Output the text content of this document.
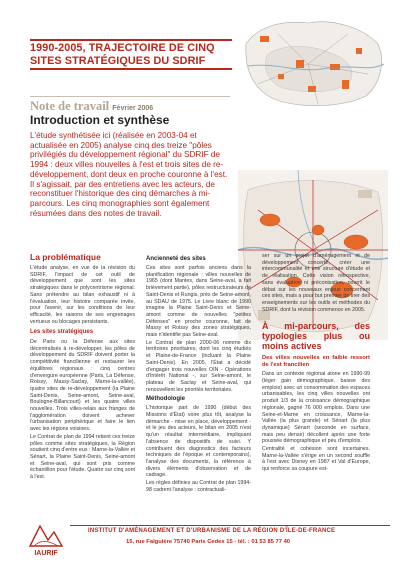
1990-2005, TRAJECTOIRE DE CINQ
SITES STRATÉGIQUES DU SDRIF
Note de travail Février 2006
Introduction et synthèse

L'étude synthétisée ici (réalisée en 2003-04 et actualisée en 2005) analyse cinq des treize "pôles privilégiés du développement régional" du SDRIF de 1994 : deux villes nouvelles à l'est et trois sites de re-développement, dont deux en proche couronne à l'est.

Il s'agissait, par des entretiens avec les acteurs, de reconstituer l'historique des cinq démarches à mi-parcours. Les cinq monographies sont également résumées dans des notes de travail.

La problématique

L'étude analyse, en vue de la révision du SDRIF, l'impact de cet outil de développement que sont les sites stratégiques dans le polycentrisme régional. Sans prétendre au bilan exhaustif ni à l'évaluation, leur histoire comparée invite, pour l'avenir, sur les conditions de leur efficacité, les raisons de ses engrenages vertueux ou blocages persistants.

Les sites stratégiques

De Paris ou la Défense aux sites décentralisés à re-développer, les pôles de développement du SDRIF doivent porter la compétitivité francilienne et restaurer les équilibres régionaux : cinq centres d'envergure européenne (Paris, La Défense, Roissy, Massy-Saclay, Marne-la-vallée), quatre sites de re-développement (la Plaine Saint-Denis, Seine-amont, Seine-aval, Boulogne-Billancourt) et les quatre villes nouvelles. Trois villes-relais aux franges de l'agglomération doivent achever l'urbanisation périphérique et faire le lien avec les régions voisines.

Le Contrat de plan de 1994 retient ces treize pôles comme sites stratégiques, la Région soutient cinq d'entre eux : Marne-la-Vallée et Sénart, la Plaine Saint-Denis, Seine-amont et Seine-aval, qui sont pris comme échantillon pour l'étude. Quatre sur cinq sont à l'est.

Ancienneté des sites

Ces sites sont parfois anciens dans la planification régionale : villes nouvelles de 1965 (dont Mantes, dans Seine-aval, a fait brièvement partie), pôles restructurateurs de Saint-Denis et Rungis, près de Seine-amont, au SDAU de 1975. Le Livre blanc de 1990 imagine la Plaine Saint-Denis et Seine-amont comme de nouvelles "petites Défenses" en proche couronne, fait de Massy et Roissy des zones stratégiques, mais n'identifie pas Seine-aval.

Le Contrat de plan 2000-06 nomme dix territoires prioritaires, dont les cinq étudiés et Plaine-de-France (incluant la Plaine Saint-Denis). En 2005, l'État a décidé d'engager trois nouvelles OIN - Opérations d'Intérêt National -, sur Seine-amont, le plateau de Saclay et Seine-aval, qui renouvellent les priorités territoriales.

Méthodologie

L'historique part de 1990 (début des Missions d'État) voire plus tôt, analyse la démarche - mise en place, développement - et le jeu des acteurs, le bilan en 2005 n'est qu'un résultat intermédiaire, impliquant l'absence de dispositifs de suivi. Y contribuent des diagnostics des facteurs techniques de l'époque et contemporains), l'analyse des documents, la référence à divers éléments d'observation et de cadrage.

Les règles définies au Contrat de plan 1994-98 cadrent l'analyse : contractuali-

ser sur un projet d'aménagement et de développement concerté, créer une intercommunalité et une structure d'étude et de réalisation. Cette vision rétrospective, sans évaluation ni préconisation, nourrit le débat sur les nouveaux enjeux concernant ces sites, mais a pour but premier de tirer des enseignements sur les outils et méthodes du SDRIF, dont la révision commence en 2005.

À mi-parcours, des typologies plus ou moins actives
Des villes nouvelles en faible ressort de l'est francilien

Dans un contexte régional atone en 1990-99 (léger gain démographique, baisse des emplois) avec un consommation des espaces urbanisables, les cinq villes nouvelles ont produit 1/3 de la croissance démographique régionale, gagné 76 000 emplois. Dans une Seine-et-Marne en croissance, Marne-la-Vallée (la plus grande) et Sénart (la plus dynamique) Sénart (seconde en surface, mais peu dense) décollent après une forte poussée démographique et peu d'emplois.

Centralité et cohésion sont incertaines. Marne-la-Vallée s'érige en un second souffle à l'est avec Disney en 1987 et Val d'Europe, qui renforce sa coupure est-

IAURIF
INSTITUT D'AMÉNAGEMENT ET D'URBANISME DE LA RÉGION D'ÎLE-DE-FRANCE
15, rue Falguière 75740 Paris Cedex 15 - tél. : 01 53 85 77 40
